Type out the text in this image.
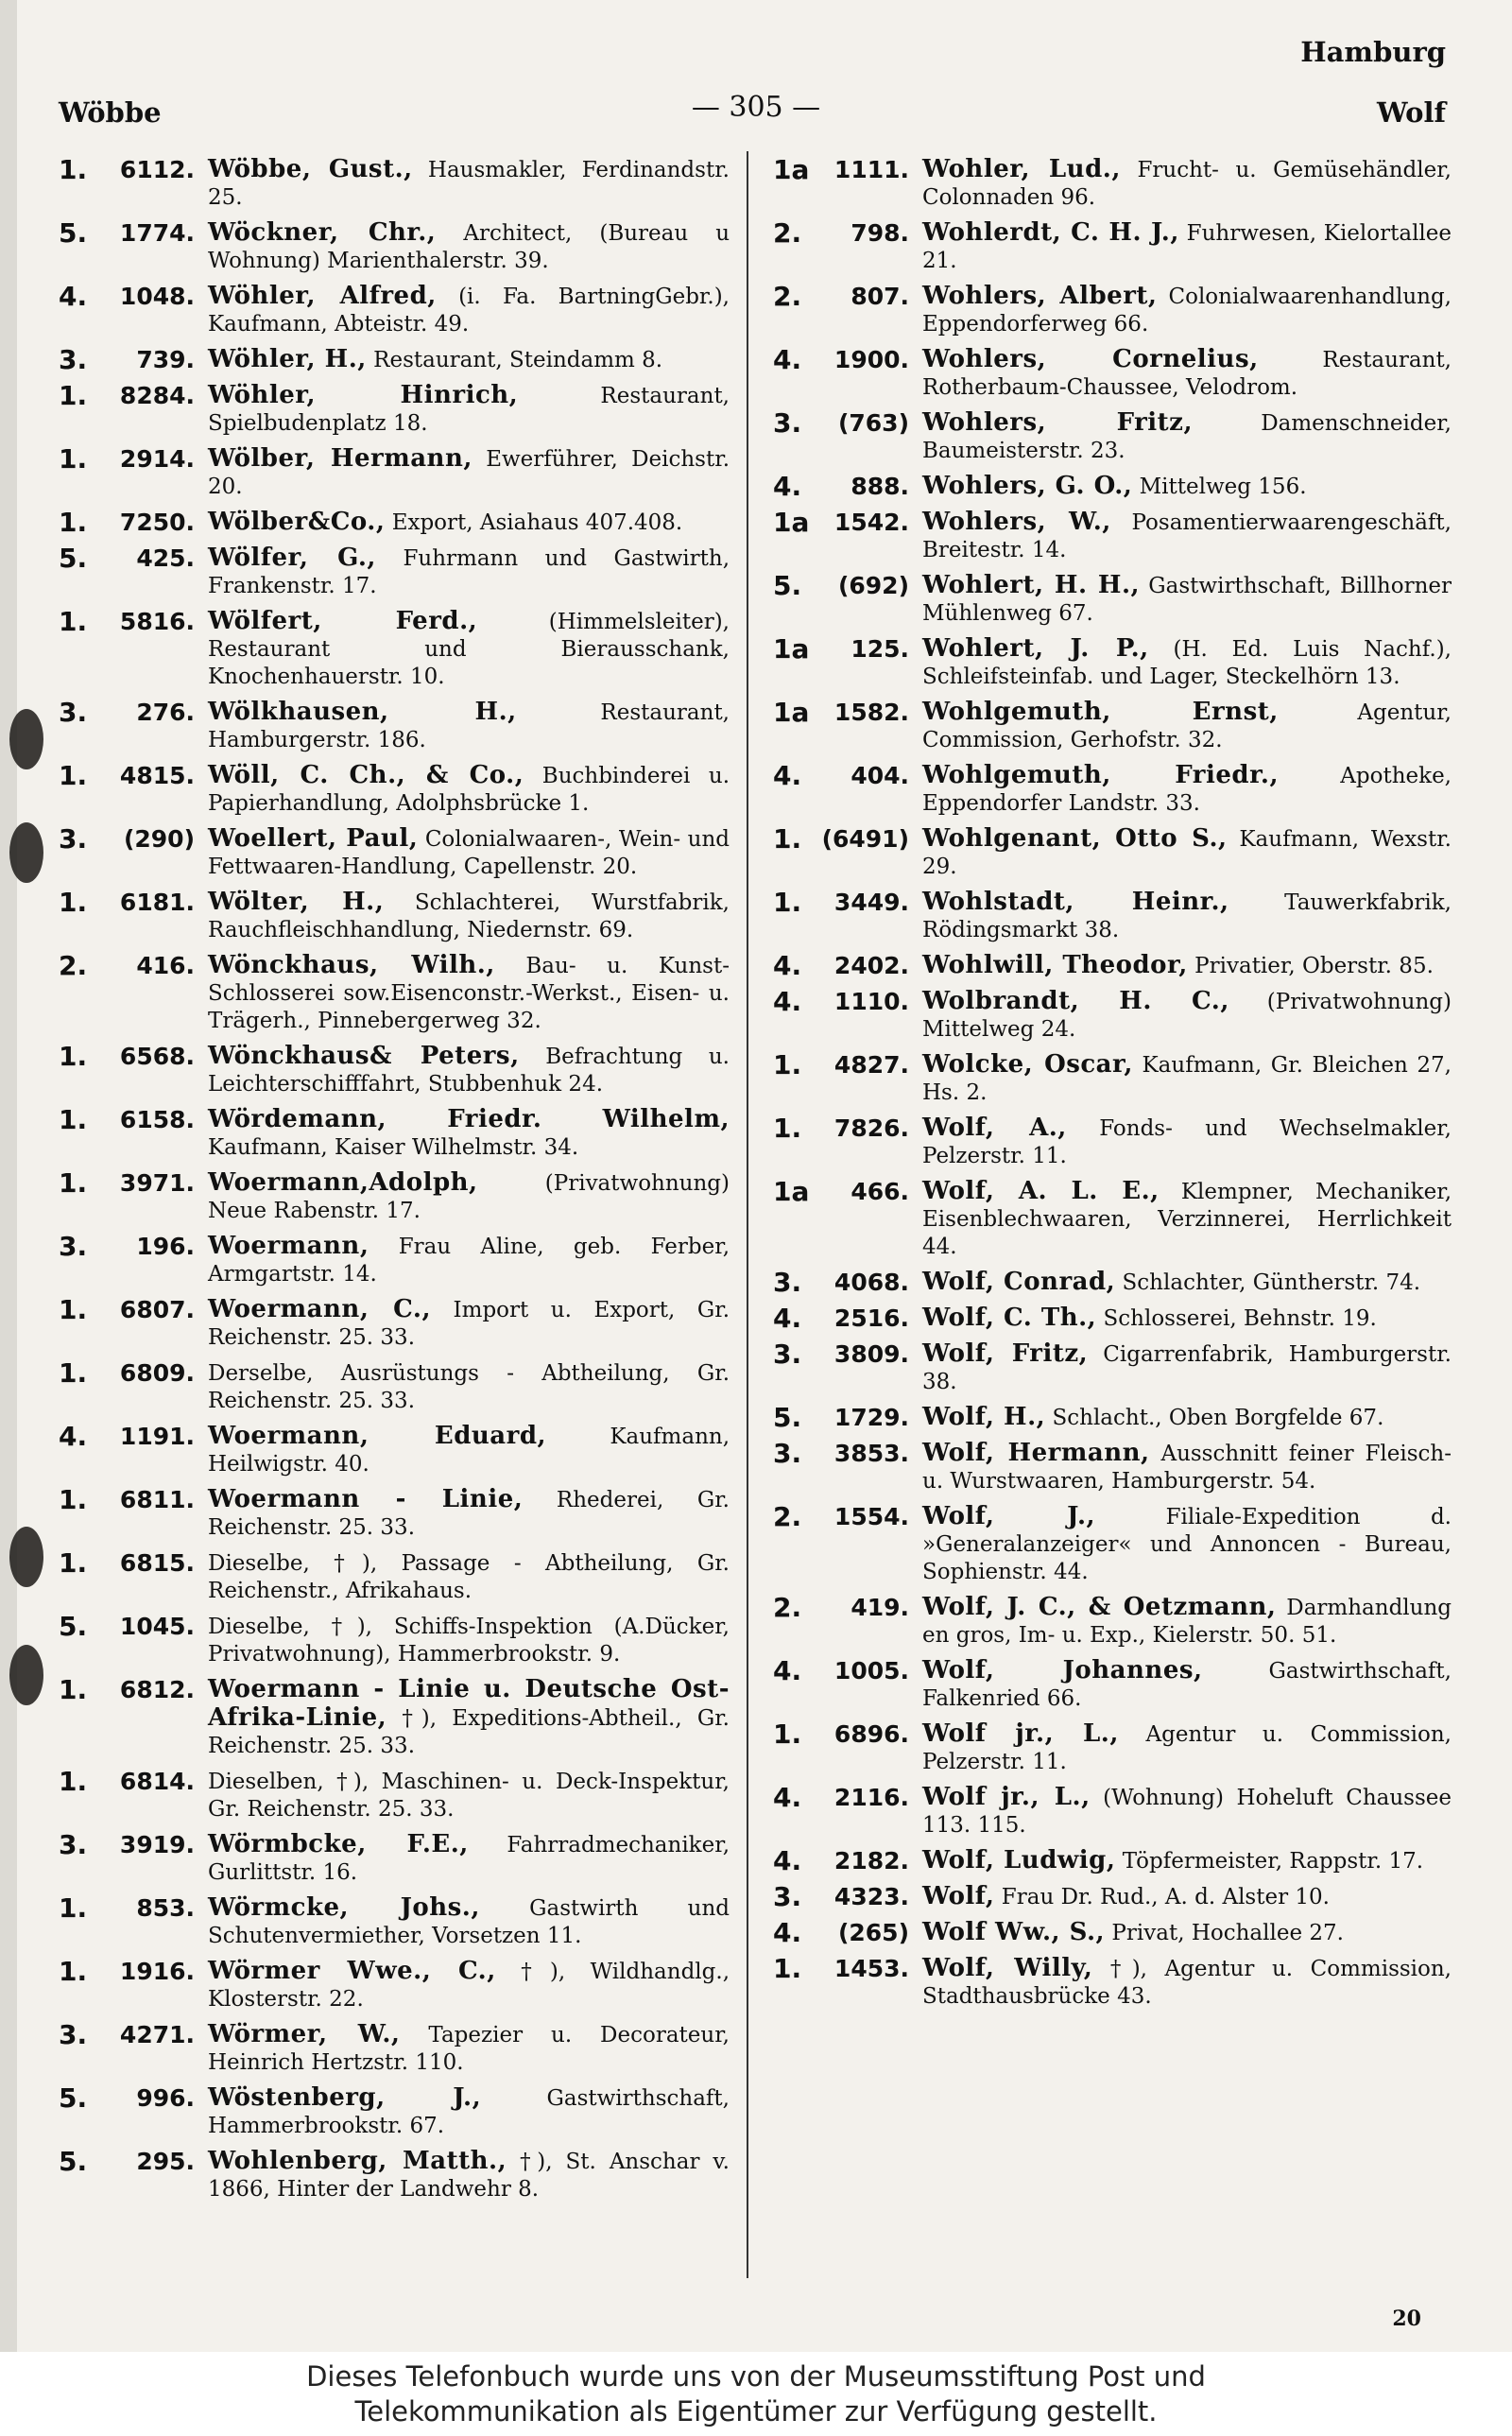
Hamburg
Wöbbe	— 305 —	Wolf
1.	6112. Wöbbe, Gust., Hausmakler, Ferdinandstr. 25.
5.	1774. Wöckner, Chr., Architect, (Bureau u Wohnung) Marienthalerstr. 39.
4.	1048. Wöhler, Alfred, (i. Fa. BartningGebr.), Kaufmann, Abteistr. 49.
3.	739. Wöhler, H., Restaurant, Steindamm 8.
1.	8284. Wöhler, Hinrich,	Restaurant, Spielbudenplatz 18.
1.	2914. Wölber, Hermann, Ewerführer, Deichstr. 20.
1.	7250. Wölber&Co., Export, Asiahaus 407.408.
5.	425. Wölfer, G., Fuhrmann und Gastwirth, Frankenstr. 17.
1.	5816. Wölfert, Ferd.,	(Himmelsleiter), Restaurant und Bierausschank, Knochenhauerstr. 10.
3.	276. Wölkhausen, H.,	Restaurant, Hamburgerstr. 186.
1.	4815. Wöll, C. Ch., & Co., Buchbinderei u. Papierhandlung, Adolphsbrücke 1.
3.	(290) Woellert, Paul, Colonialwaaren-, Wein- und Fettwaaren-Handlung, Capellenstr. 20.
1.	6181. Wölter, H., Schlachterei, Wurstfabrik, Rauchfleischhandlung, Niedernstr. 69.
2.	416. Wönckhaus, Wilh., Bau- u. Kunst-Schlosserei sow.Eisenconstr.-Werkst., Eisen- u. Trägerh., Pinnebergerweg 32.
1.	6568. Wönckhaus& Peters, Befrachtung u. Leichterschifffahrt, Stubbenhuk 24.
1.	6158. Wördemann, Friedr. Wilhelm, Kaufmann, Kaiser Wilhelmstr. 34.
1.	3971. Woermann,Adolph,	(Privatwohnung) Neue Rabenstr. 17.
3.	196. Woermann, Frau Aline, geb. Ferber, Armgartstr. 14.
1.	6807. Woermann, C., Import u. Export, Gr. Reichenstr. 25. 33.
1.	6809. Derselbe, Ausrüstungs - Abtheilung, Gr. Reichenstr. 25. 33.
4.	1191. Woermann, Eduard,	Kaufmann, Heilwigstr. 40.
1.	6811. Woermann - Linie, Rhederei, Gr. Reichenstr. 25. 33.
1.	6815. Dieselbe, †), Passage - Abtheilung, Gr. Reichenstr., Afrikahaus.
5.	1045. Dieselbe, †), Schiffs-Inspektion (A.Dücker, Privatwohnung), Hammerbrookstr. 9.
1.	6812. Woermann - Linie u. Deutsche Ost-Afrika-Linie, †), Expeditions-Abtheil., Gr. Reichenstr. 25. 33.
1.	6814. Dieselben, †), Maschinen- u. Deck-Inspektur, Gr. Reichenstr. 25. 33.
3.	3919. Wörmbcke, F.E., Fahrradmechaniker, Gurlittstr. 16.
1.	853. Wörmcke, Johs., Gastwirth und Schutenvermiether, Vorsetzen 11.
1.	1916. Wörmer Wwe., C., †), Wildhandlg., Klosterstr. 22.
3.	4271. Wörmer, W., Tapezier u. Decorateur, Heinrich Hertzstr. 110.
5.	996. Wöstenberg, J.,	Gastwirthschaft, Hammerbrookstr. 67.
5.	295. Wohlenberg, Matth., †), St. Anschar v. 1866, Hinter der Landwehr 8.
1a	1111. Wohler, Lud., Frucht- u. Gemüsehändler, Colonnaden 96.
2.	798. Wohlerdt, C. H. J., Fuhrwesen, Kielortallee 21.
2.	807. Wohlers, Albert, Colonialwaarenhandlung, Eppendorferweg 66.
4.	1900. Wohlers, Cornelius,	Restaurant, Rotherbaum-Chaussee, Velodrom.
3.	(763) Wohlers, Fritz,	Damenschneider, Baumeisterstr. 23.
4.	888. Wohlers, G. O., Mittelweg 156.
1a	1542. Wohlers, W., Posamentierwaarengeschäft, Breitestr. 14.
5.	(692) Wohlert, H. H., Gastwirthschaft, Billhorner Mühlenweg 67.
1a	125. Wohlert, J. P., (H. Ed. Luis Nachf.), Schleifsteinfab. und Lager, Steckelhörn 13.
1a	1582. Wohlgemuth, Ernst,	Agentur, Commission, Gerhofstr. 32.
4.	404. Wohlgemuth, Friedr.,	Apotheke, Eppendorfer Landstr. 33.
1. (6491) Wohlgenant, Otto S., Kaufmann, Wexstr. 29.
1.	3449. Wohlstadt, Heinr.,	Tauwerkfabrik, Rödingsmarkt 38.
4.	2402. Wohlwill, Theodor, Privatier, Oberstr. 85.
4.	1110. Wolbrandt, H. C., (Privatwohnung) Mittelweg 24.
1.	4827. Wolcke, Oscar, Kaufmann, Gr. Bleichen 27, Hs. 2.
1.	7826. Wolf, A., Fonds- und Wechselmakler, Pelzerstr. 11.
1a	466. Wolf, A. L. E., Klempner, Mechaniker, Eisenblechwaaren, Verzinnerei, Herrlichkeit 44.
3.	4068. Wolf, Conrad, Schlachter, Güntherstr. 74.
4.	2516. Wolf, C. Th., Schlosserei, Behnstr. 19.
3.	3809. Wolf, Fritz, Cigarrenfabrik, Hamburgerstr. 38.
5.	1729. Wolf, H., Schlacht., Oben Borgfelde 67.
3.	3853. Wolf, Hermann, Ausschnitt feiner Fleisch- u. Wurstwaaren, Hamburgerstr. 54.
2.	1554. Wolf, J.,	Filiale-Expedition d. »Generalanzeiger« und Annoncen - Bureau, Sophienstr. 44.
2.	419. Wolf, J. C., & Oetzmann, Darmhandlung en gros, Im- u. Exp., Kielerstr. 50. 51.
4.	1005. Wolf, Johannes,	Gastwirthschaft, Falkenried 66.
1.	6896. Wolf jr., L., Agentur u. Commission, Pelzerstr. 11.
4.	2116. Wolf jr., L., (Wohnung) Hoheluft Chaussee 113. 115.
4.	2182. Wolf, Ludwig, Töpfermeister, Rappstr. 17.
3.	4323. Wolf, Frau Dr. Rud., A. d. Alster 10.
4.	(265) Wolf Ww., S., Privat, Hochallee 27.
1.	1453. Wolf, Willy, †), Agentur u. Commission, Stadthausbrücke 43.
20
Dieses Telefonbuch wurde uns von der Museumsstiftung Post und
Telekommunikation als Eigentümer zur Verfügung gestellt.
